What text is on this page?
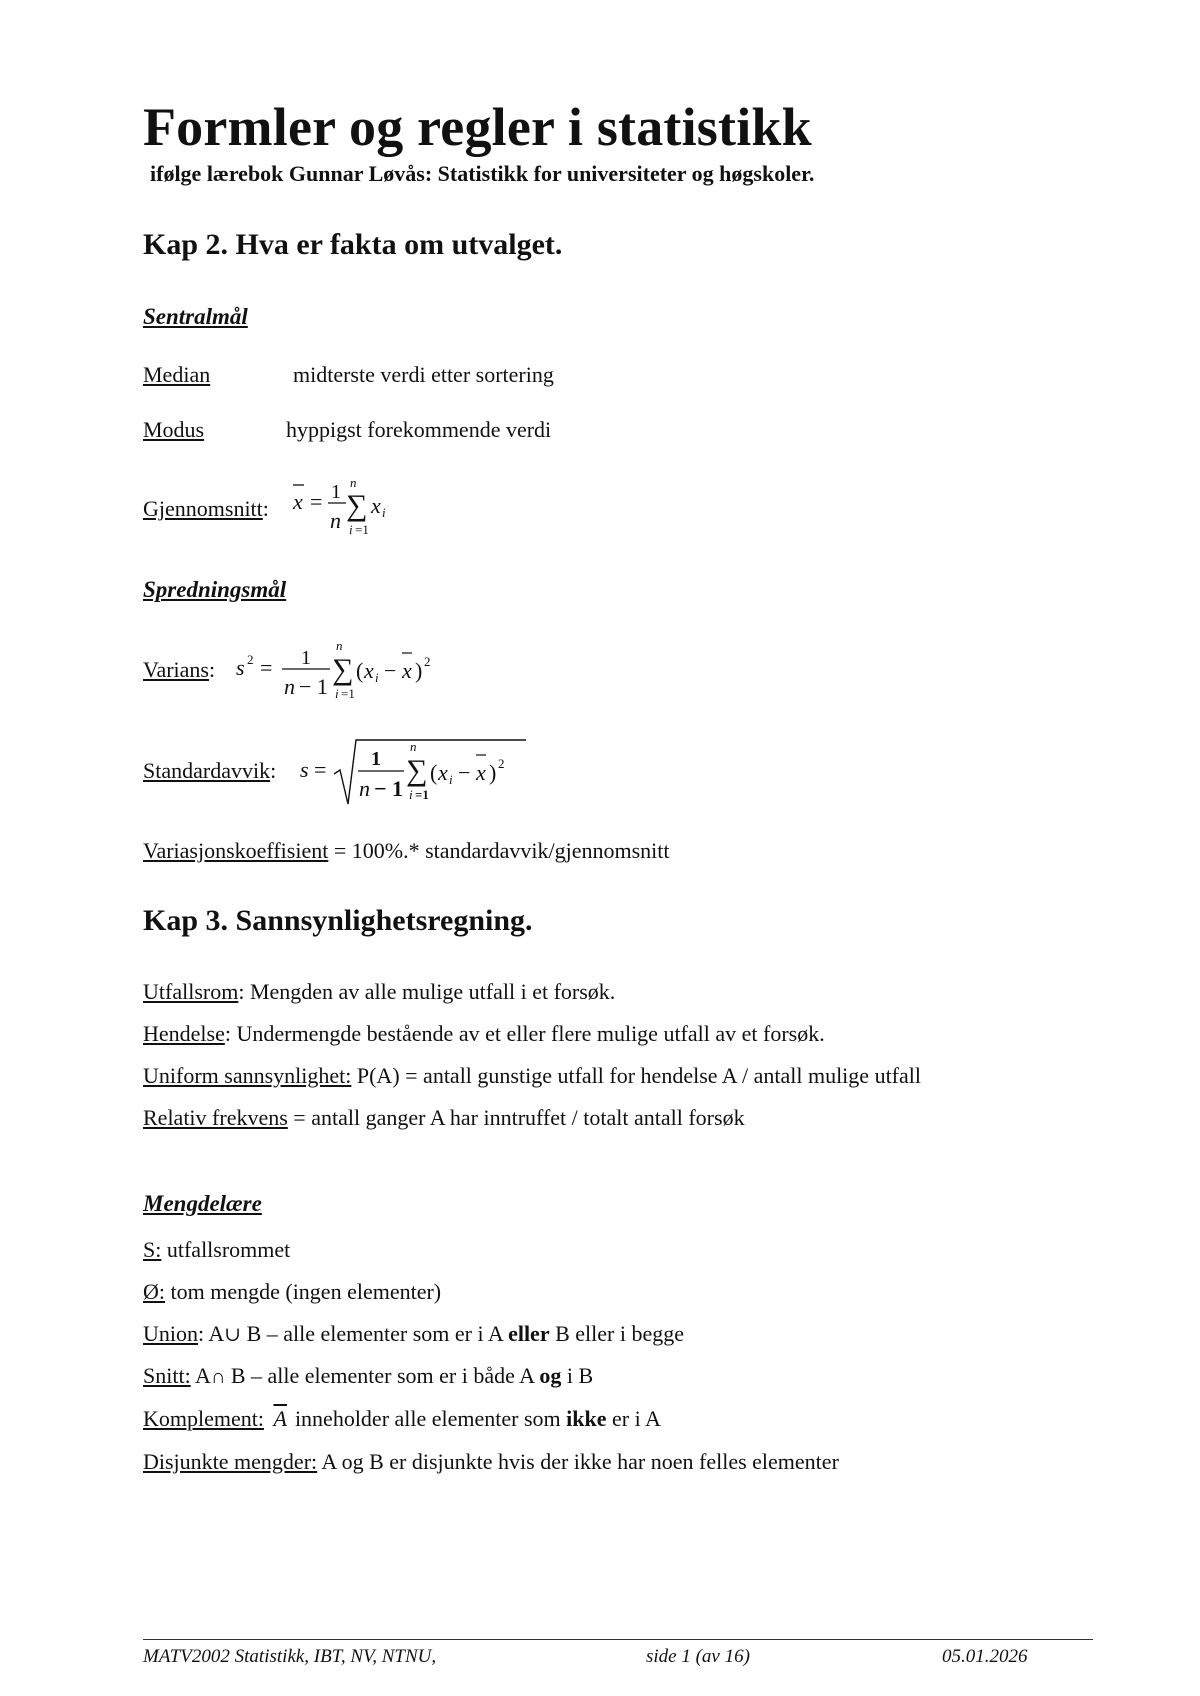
Formler og regler i statistikk
ifølge lærebok Gunnar Løvås: Statistikk for universiteter og høgskoler.
Kap 2. Hva er fakta om utvalget.
Sentralmål
Median	midterste verdi etter sortering
Modus	hyppigst forekommende verdi
Gjennomsnitt: x = 1
n
n
∑
i =1
x i
Spredningsmål
Varians: s 2 = 1
n − 1
n
∑
i =1
( x i − x ) 2
Standardavvik: s = 1
n − 1
n
∑
i =1
( x i − x ) 2
Variasjonskoeffisient = 100%.* standardavvik/gjennomsnitt
Kap 3. Sannsynlighetsregning.
Utfallsrom: Mengden av alle mulige utfall i et forsøk.
Hendelse: Undermengde bestående av et eller flere mulige utfall av et forsøk.
Uniform sannsynlighet: P(A) = antall gunstige utfall for hendelse A / antall mulige utfall
Relativ frekvens = antall ganger A har inntruffet / totalt antall forsøk
Mengdelære
S: utfallsrommet
Ø: tom mengde (ingen elementer)
Union: A∪ B – alle elementer som er i A eller B eller i begge
Snitt: A∩ B – alle elementer som er i både A og i B
Komplement: $\overline{A}$ inneholder alle elementer som ikke er i A
Disjunkte mengder: A og B er disjunkte hvis der ikke har noen felles elementer
MATV2002 Statistikk, IBT, NV, NTNU,	side 1 (av 16)	05.01.2026
